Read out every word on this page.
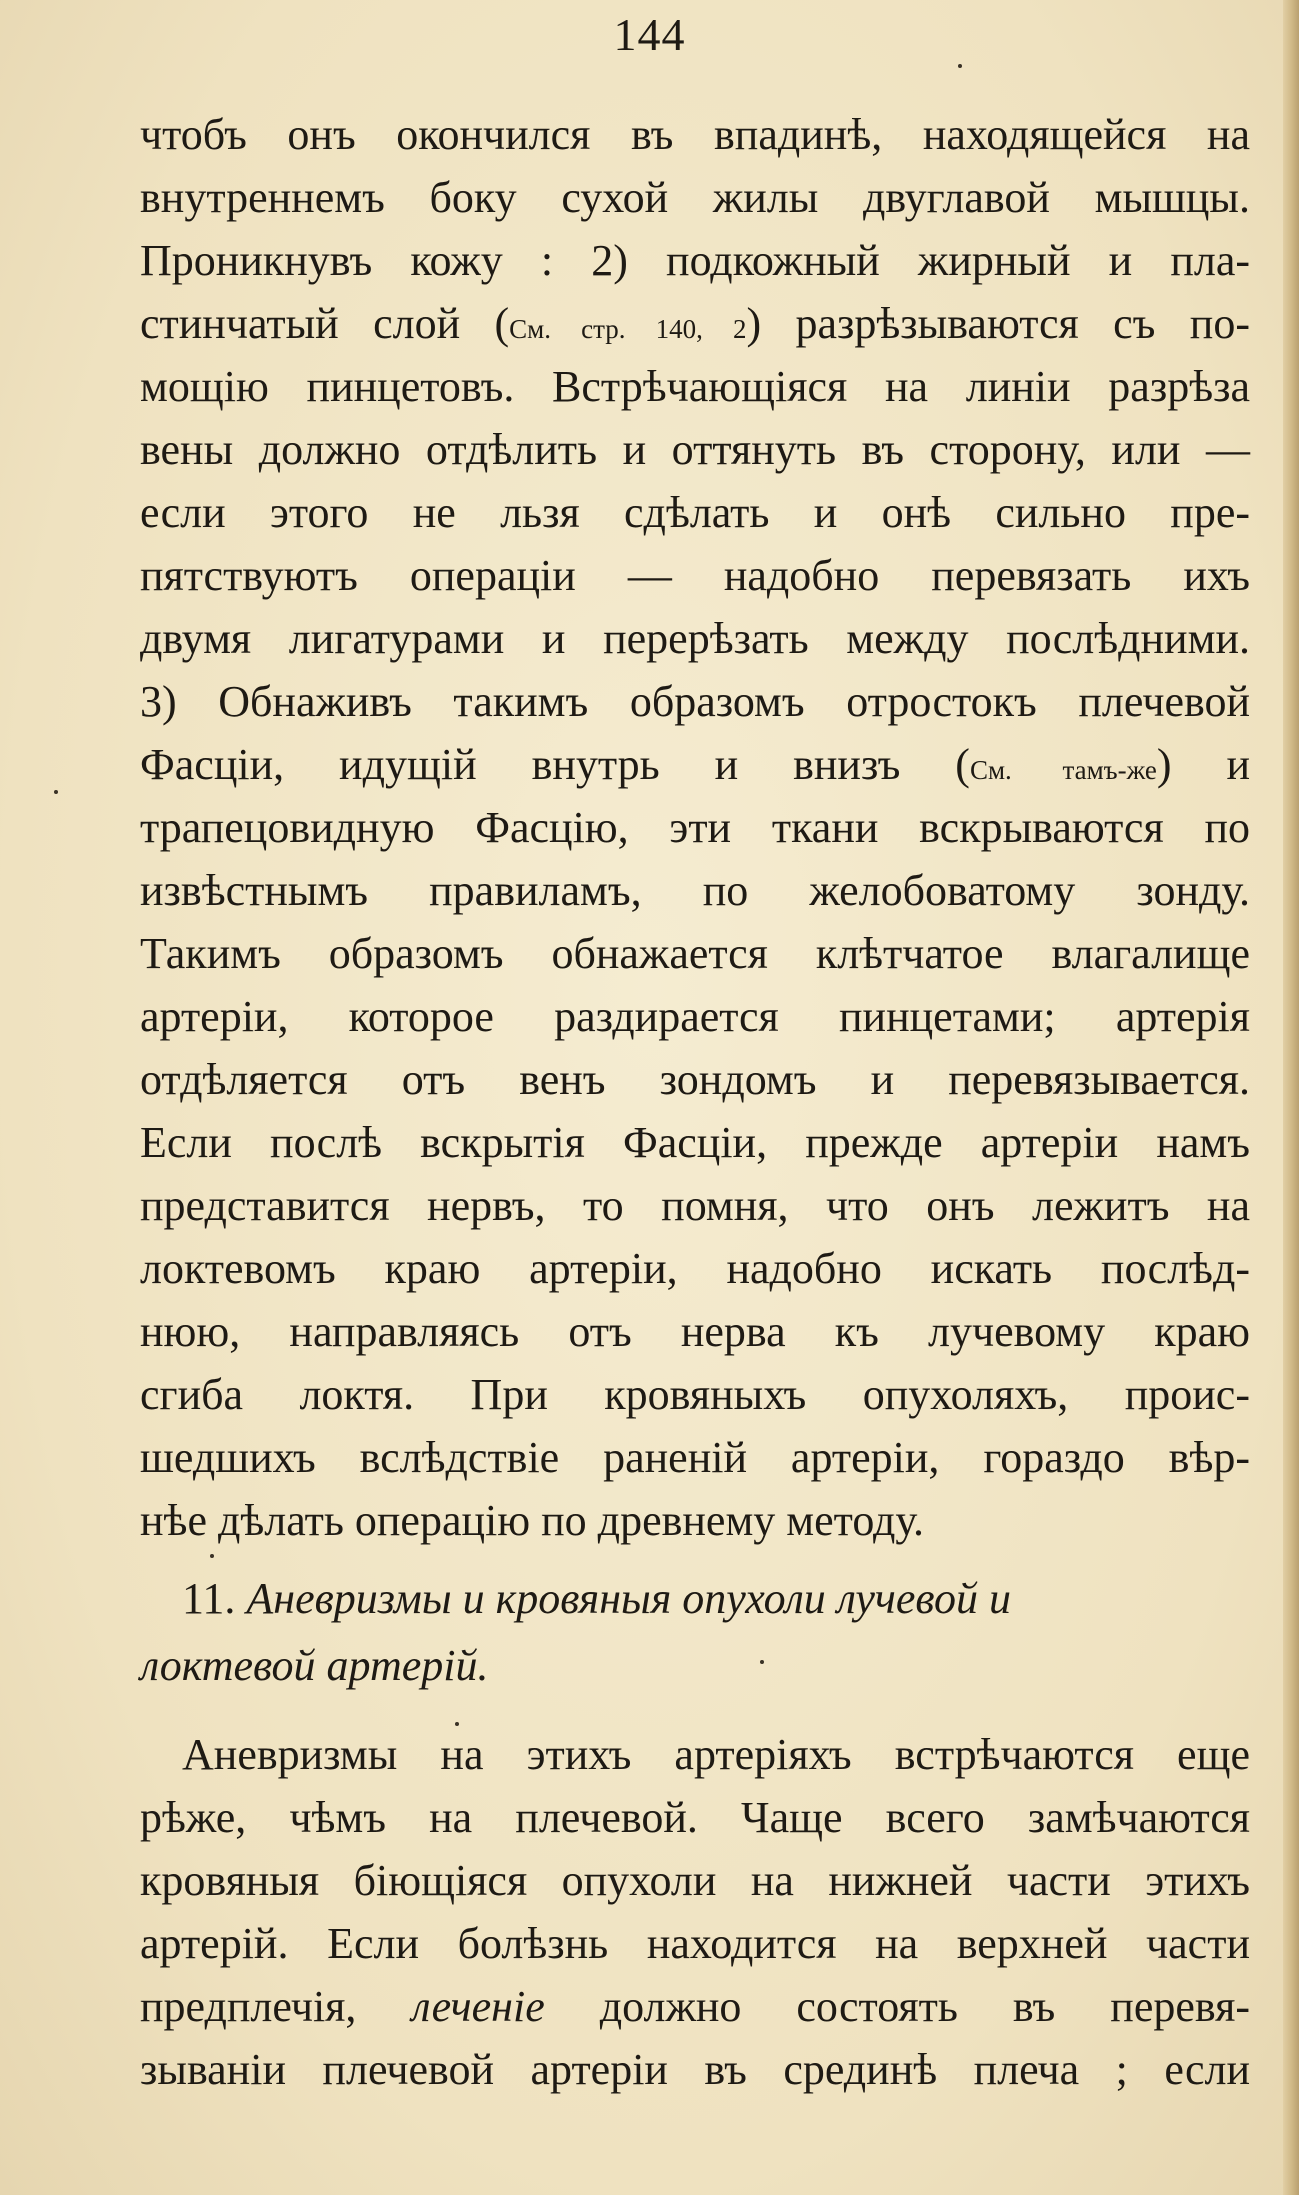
144
чтобъ онъ окончился въ впадинѣ, находящейся на
внутреннемъ боку сухой жилы двуглавой мышцы.
Проникнувъ кожу : 2) подкожный жирный и пла-
стинчатый слой (См. стр. 140, 2) разрѣзываются съ по-
мощiю пинцетовъ. Встрѣчающiяся на линiи разрѣза
вены должно отдѣлить и оттянуть въ сторону, или —
если этого не льзя сдѣлать и онѣ сильно пре-
пятствуютъ операцiи — надобно перевязать ихъ
двумя лигатурами и перерѣзать между послѣдними.
3) Обнаживъ такимъ образомъ отростокъ плечевой
Фасцiи, идущiй внутрь и внизъ (См. тамъ-же) и
трапецовидную Фасцiю, эти ткани вскрываются по
извѣстнымъ правиламъ, по желобоватому зонду.
Такимъ образомъ обнажается клѣтчатое влагалище
артерiи, которое раздирается пинцетами; артерiя
отдѣляется отъ венъ зондомъ и перевязывается.
Если послѣ вскрытiя Фасцiи, прежде артерiи намъ
представится нервъ, то помня, что онъ лежитъ на
локтевомъ краю артерiи, надобно искать послѣд-
нюю, направляясь отъ нерва къ лучевому краю
сгиба локтя. При кровяныхъ опухоляхъ, проис-
шедшихъ вслѣдствiе раненiй артерiи, гораздо вѣр-
нѣе дѣлать операцiю по древнему методу.
11. Аневризмы и кровяныя опухоли лучевой и
локтевой артерiй.
Аневризмы на этихъ артерiяхъ встрѣчаются еще
рѣже, чѣмъ на плечевой. Чаще всего замѣчаются
кровяныя бiющiяся опухоли на нижней части этихъ
артерiй. Если болѣзнь находится на верхней части
предплечiя, леченiе должно состоять въ перевя-
зыванiи плечевой артерiи въ срединѣ плеча ; если
